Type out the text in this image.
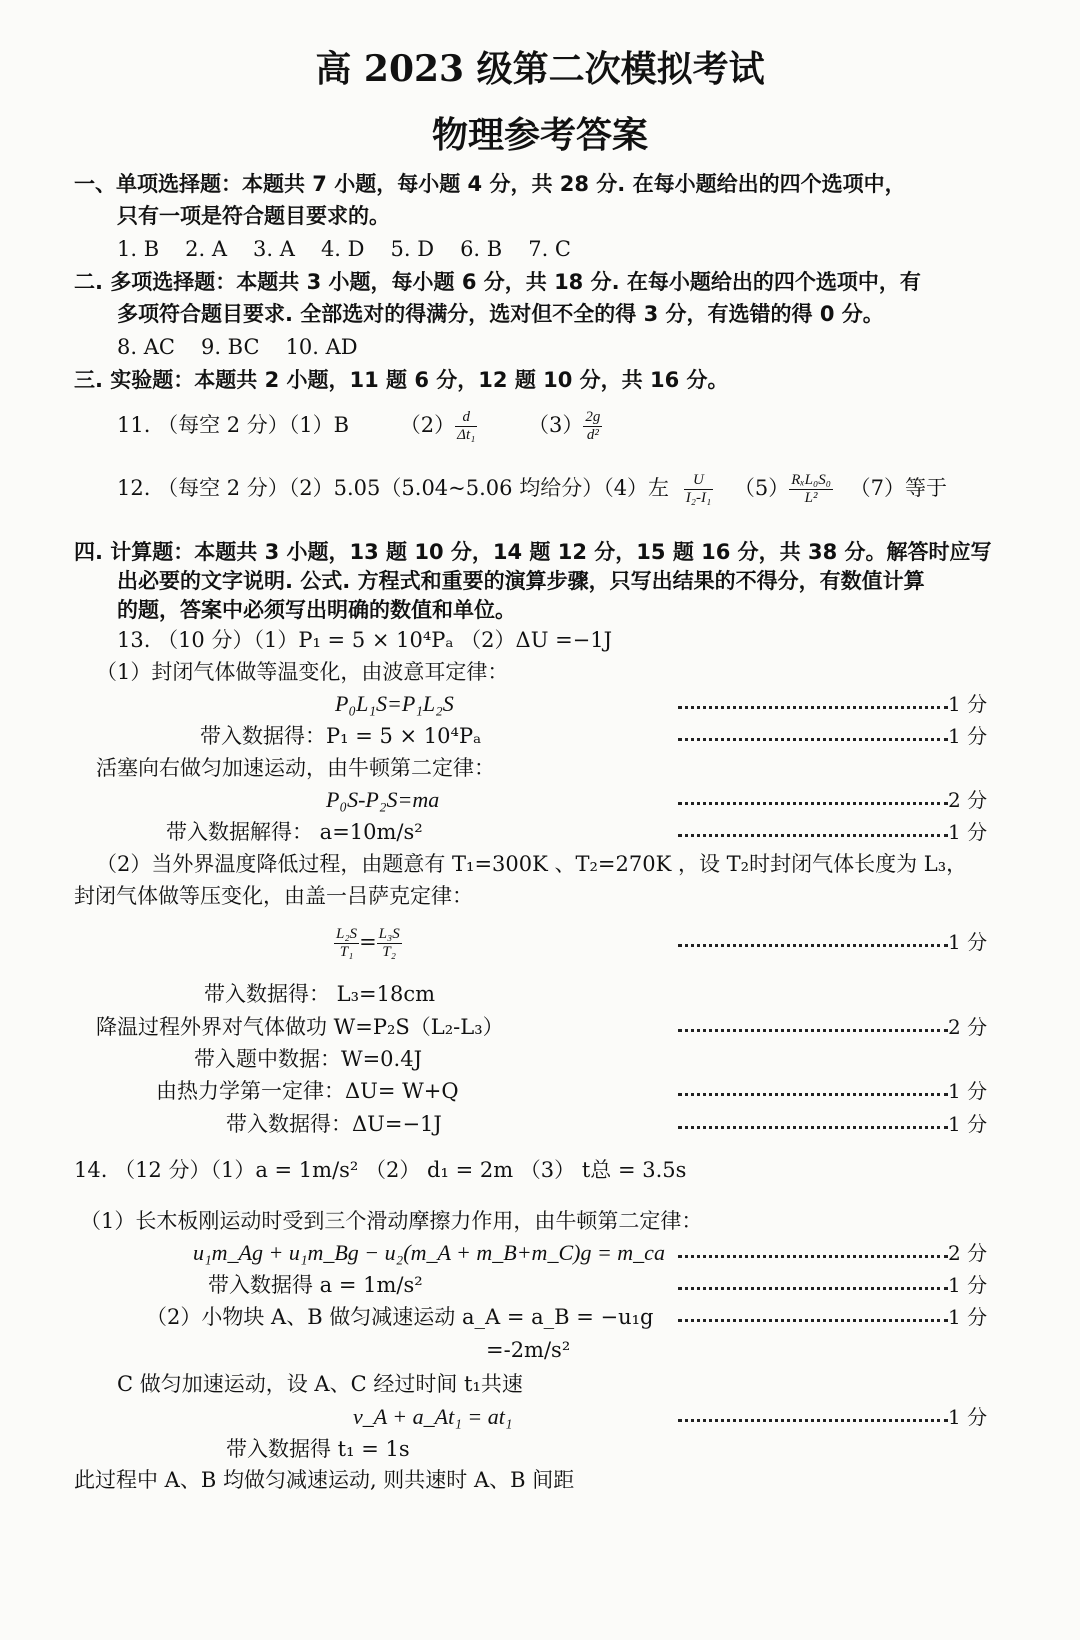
高 2023 级第二次模拟考试
物理参考答案
一、单项选择题：本题共 7 小题，每小题 4 分，共 28 分. 在每小题给出的四个选项中，
只有一项是符合题目要求的。
1. B 2. A 3. A 4. D 5. D 6. B 7. C
二. 多项选择题：本题共 3 小题，每小题 6 分，共 18 分. 在每小题给出的四个选项中，有
多项符合题目要求. 全部选对的得满分，选对但不全的得 3 分，有选错的得 0 分。
8. AC 9. BC 10. AD
三. 实验题：本题共 2 小题，11 题 6 分，12 题 10 分，共 16 分。
11. （每空 2 分）（1）B $(2) \frac{d}{\text{Δt₁}} (3) \frac{2g}{\text{d²}}$
12. （每空 2 分）（2）5.05（5.04~5.06 均给分）（4）左 $\frac{U}{\text{I₂-I₁}} (5) \frac{\text{RₓL₀S₀}}{\text{L²}} (7)$等于
四. 计算题：本题共 3 小题，13 题 10 分，14 题 12 分，15 题 16 分，共 38 分。解答时应写
出必要的文字说明. 公式. 方程式和重要的演算步骤，只写出结果的不得分，有数值计算
的题，答案中必须写出明确的数值和单位。
13. （10 分）（1）P₁ = 5 × 10⁴Pₐ （2）ΔU =−1J
（1）封闭气体做等温变化，由波意耳定律：
P₀L₁S=P₁L₂S	1 分
带入数据得：P₁ = 5 × 10⁴Pₐ	1 分
活塞向右做匀加速运动，由牛顿第二定律：
P₀S-P₂S=ma	2 分
带入数据解得： a=10m/s²	1 分
（2）当外界温度降低过程，由题意有 T₁=300K 、T₂=270K ，设 T₂时封闭气体长度为 L₃，
封闭气体做等压变化，由盖一吕萨克定律：
$\frac{\text{L₂S}}{\text{T₁}} = \frac{\text{L₃S}}{\text{T₂}}$	1 分
带入数据得： L₃=18cm
降温过程外界对气体做功 W=P₂S（L₂-L₃）	2 分
带入题中数据：W=0.4J
由热力学第一定律：ΔU= W+Q	1 分
带入数据得：ΔU=−1J	1 分
14. （12 分）（1）a = 1m/s² （2） d₁ = 2m （3） t总 = 3.5s
（1）长木板刚运动时受到三个滑动摩擦力作用，由牛顿第二定律：
u₁m_Ag + u₁m_Bg − u₂(m_A + m_B+m_C)g = m_ca	2 分
带入数据得 a = 1m/s²	1 分
（2）小物块 A、B 做匀减速运动 a_A = a_B = −u₁g	1 分
=-2m/s²
C 做匀加速运动，设 A、C 经过时间 t₁共速
v_A + a_At₁ = at₁	1 分
带入数据得 t₁ = 1s
此过程中 A、B 均做匀减速运动, 则共速时 A、B 间距
